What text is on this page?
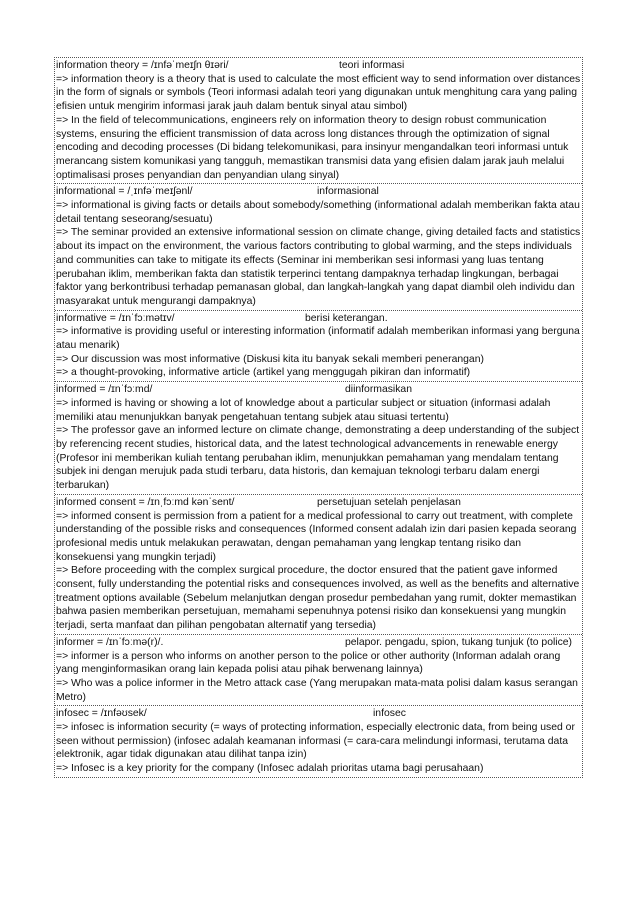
information theory = /ɪnfəˈmeɪʃn θɪəri/	teori informasi

=> information theory is a theory that is used to calculate the most efficient way to send information over distances in the form of signals or symbols (Teori informasi adalah teori yang digunakan untuk menghitung cara yang paling efisien untuk mengirim informasi jarak jauh dalam bentuk sinyal atau simbol)

=> In the field of telecommunications, engineers rely on information theory to design robust communication systems, ensuring the efficient transmission of data across long distances through the optimization of signal encoding and decoding processes (Di bidang telekomunikasi, para insinyur mengandalkan teori informasi untuk merancang sistem komunikasi yang tangguh, memastikan transmisi data yang efisien dalam jarak jauh melalui optimalisasi proses penyandian dan penyandian ulang sinyal)

informational = /ˌɪnfəˈmeɪʃənl/	informasional

=> informational is giving facts or details about somebody/something (informational adalah memberikan fakta atau detail tentang seseorang/sesuatu)

=> The seminar provided an extensive informational session on climate change, giving detailed facts and statistics about its impact on the environment, the various factors contributing to global warming, and the steps individuals and communities can take to mitigate its effects (Seminar ini memberikan sesi informasi yang luas tentang perubahan iklim, memberikan fakta dan statistik terperinci tentang dampaknya terhadap lingkungan, berbagai faktor yang berkontribusi terhadap pemanasan global, dan langkah-langkah yang dapat diambil oleh individu dan masyarakat untuk mengurangi dampaknya)

informative = /ɪnˈfɔːmətɪv/	berisi keterangan.

=> informative is providing useful or interesting information (informatif adalah memberikan informasi yang berguna atau menarik)

=> Our discussion was most informative (Diskusi kita itu banyak sekali memberi penerangan)

=> a thought-provoking, informative article (artikel yang menggugah pikiran dan informatif)

informed = /ɪnˈfɔːmd/	diinformasikan

=> informed is having or showing a lot of knowledge about a particular subject or situation (informasi adalah memiliki atau menunjukkan banyak pengetahuan tentang subjek atau situasi tertentu)

=> The professor gave an informed lecture on climate change, demonstrating a deep understanding of the subject by referencing recent studies, historical data, and the latest technological advancements in renewable energy (Profesor ini memberikan kuliah tentang perubahan iklim, menunjukkan pemahaman yang mendalam tentang subjek ini dengan merujuk pada studi terbaru, data historis, dan kemajuan teknologi terbaru dalam energi terbarukan)

informed consent = /ɪnˌfɔːmd kənˈsent/	persetujuan setelah penjelasan

=> informed consent is permission from a patient for a medical professional to carry out treatment, with complete understanding of the possible risks and consequences (Informed consent adalah izin dari pasien kepada seorang profesional medis untuk melakukan perawatan, dengan pemahaman yang lengkap tentang risiko dan konsekuensi yang mungkin terjadi)

=> Before proceeding with the complex surgical procedure, the doctor ensured that the patient gave informed consent, fully understanding the potential risks and consequences involved, as well as the benefits and alternative treatment options available (Sebelum melanjutkan dengan prosedur pembedahan yang rumit, dokter memastikan bahwa pasien memberikan persetujuan, memahami sepenuhnya potensi risiko dan konsekuensi yang mungkin terjadi, serta manfaat dan pilihan pengobatan alternatif yang tersedia)

informer = /ɪnˈfɔːmə(r)/.	pelapor. pengadu, spion, tukang tunjuk (to police)

=> informer is a person who informs on another person to the police or other authority (Informan adalah orang yang menginformasikan orang lain kepada polisi atau pihak berwenang lainnya)

=> Who was a police informer in the Metro attack case (Yang merupakan mata-mata polisi dalam kasus serangan Metro)

infosec = /ɪnfəʊsek/	infosec

=> infosec is information security (= ways of protecting information, especially electronic data, from being used or seen without permission) (infosec adalah keamanan informasi (= cara-cara melindungi informasi, terutama data elektronik, agar tidak digunakan atau dilihat tanpa izin)

=> Infosec is a key priority for the company (Infosec adalah prioritas utama bagi perusahaan)
